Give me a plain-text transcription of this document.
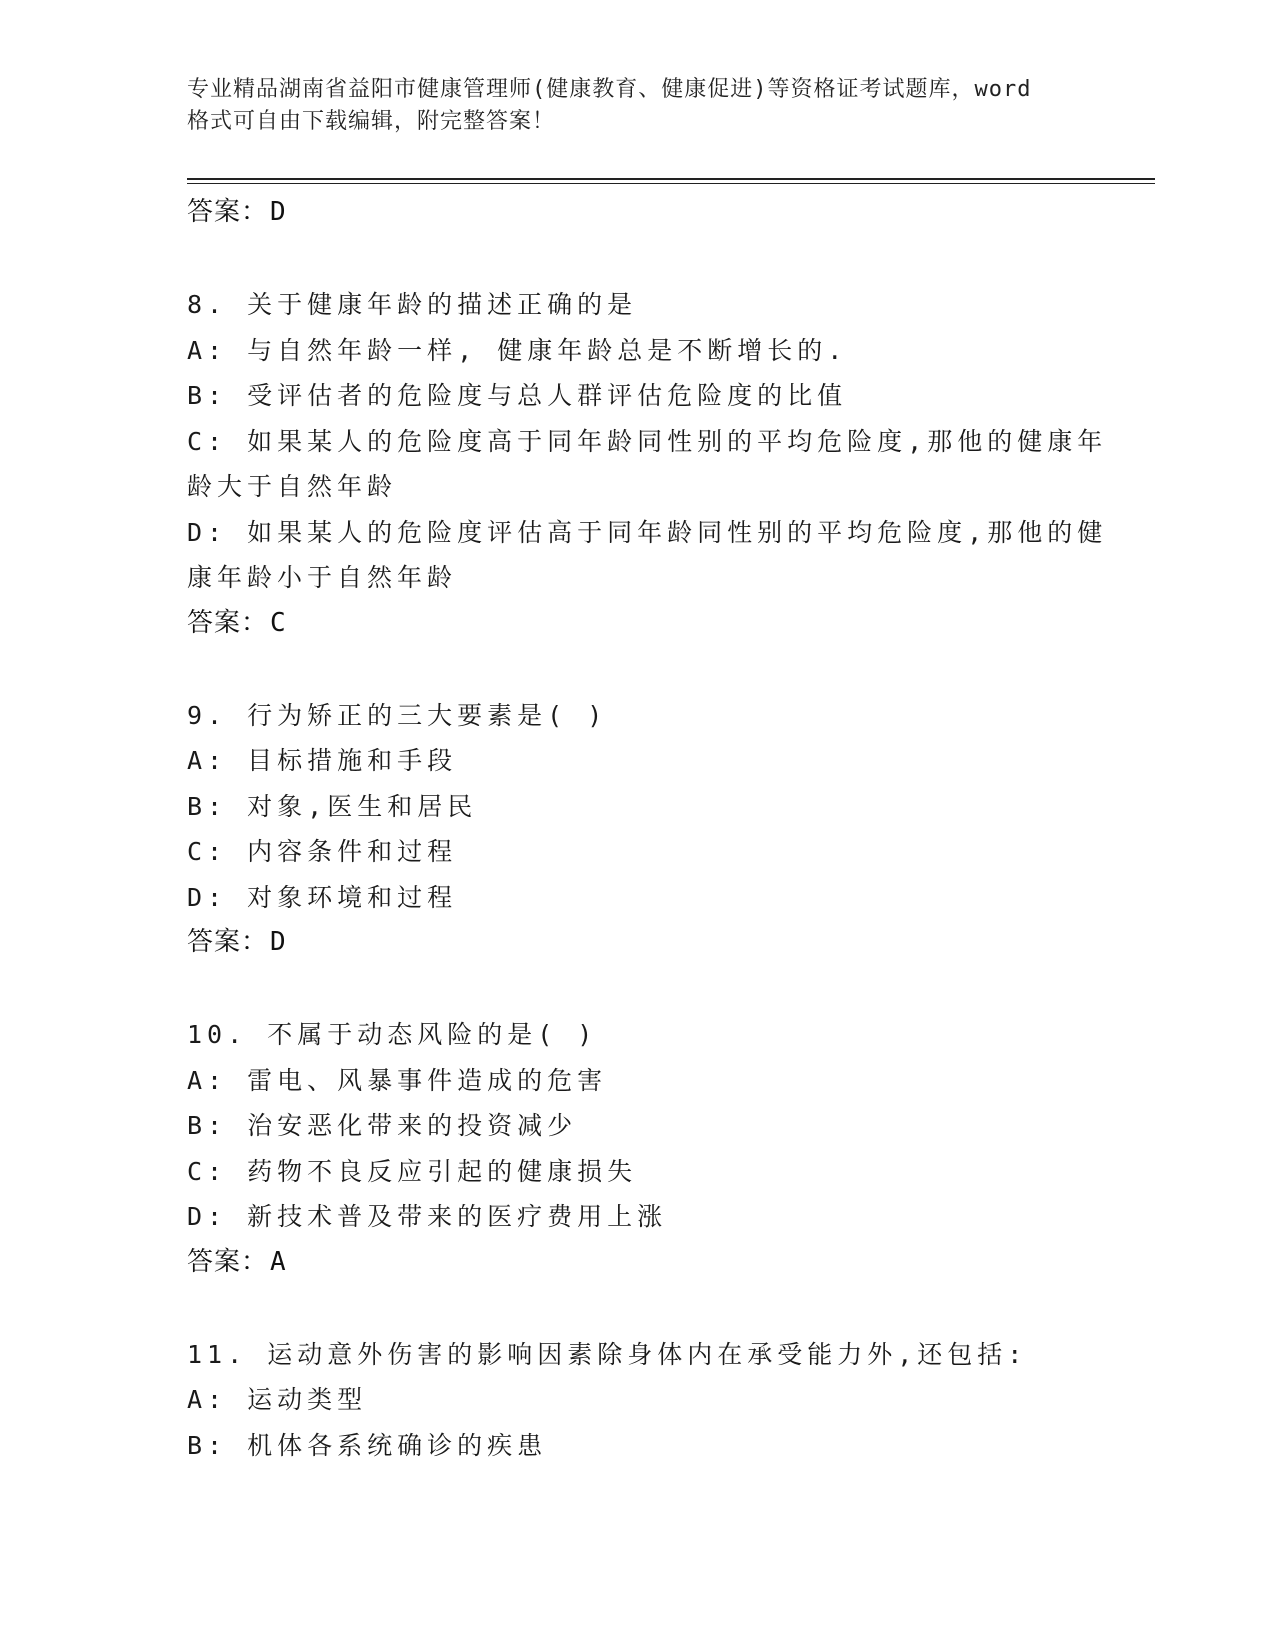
专业精品湖南省益阳市健康管理师(健康教育、健康促进)等资格证考试题库，word
格式可自由下载编辑，附完整答案！
答案：D
8. 关于健康年龄的描述正确的是
A: 与自然年龄一样, 健康年龄总是不断增长的.
B: 受评估者的危险度与总人群评估危险度的比值
C: 如果某人的危险度高于同年龄同性别的平均危险度,那他的健康年
龄大于自然年龄
D: 如果某人的危险度评估高于同年龄同性别的平均危险度,那他的健
康年龄小于自然年龄
答案：C
9. 行为矫正的三大要素是( )
A: 目标措施和手段
B: 对象,医生和居民
C: 内容条件和过程
D: 对象环境和过程
答案：D
10. 不属于动态风险的是( )
A: 雷电、风暴事件造成的危害
B: 治安恶化带来的投资减少
C: 药物不良反应引起的健康损失
D: 新技术普及带来的医疗费用上涨
答案：A
11. 运动意外伤害的影响因素除身体内在承受能力外,还包括:
A: 运动类型
B: 机体各系统确诊的疾患
